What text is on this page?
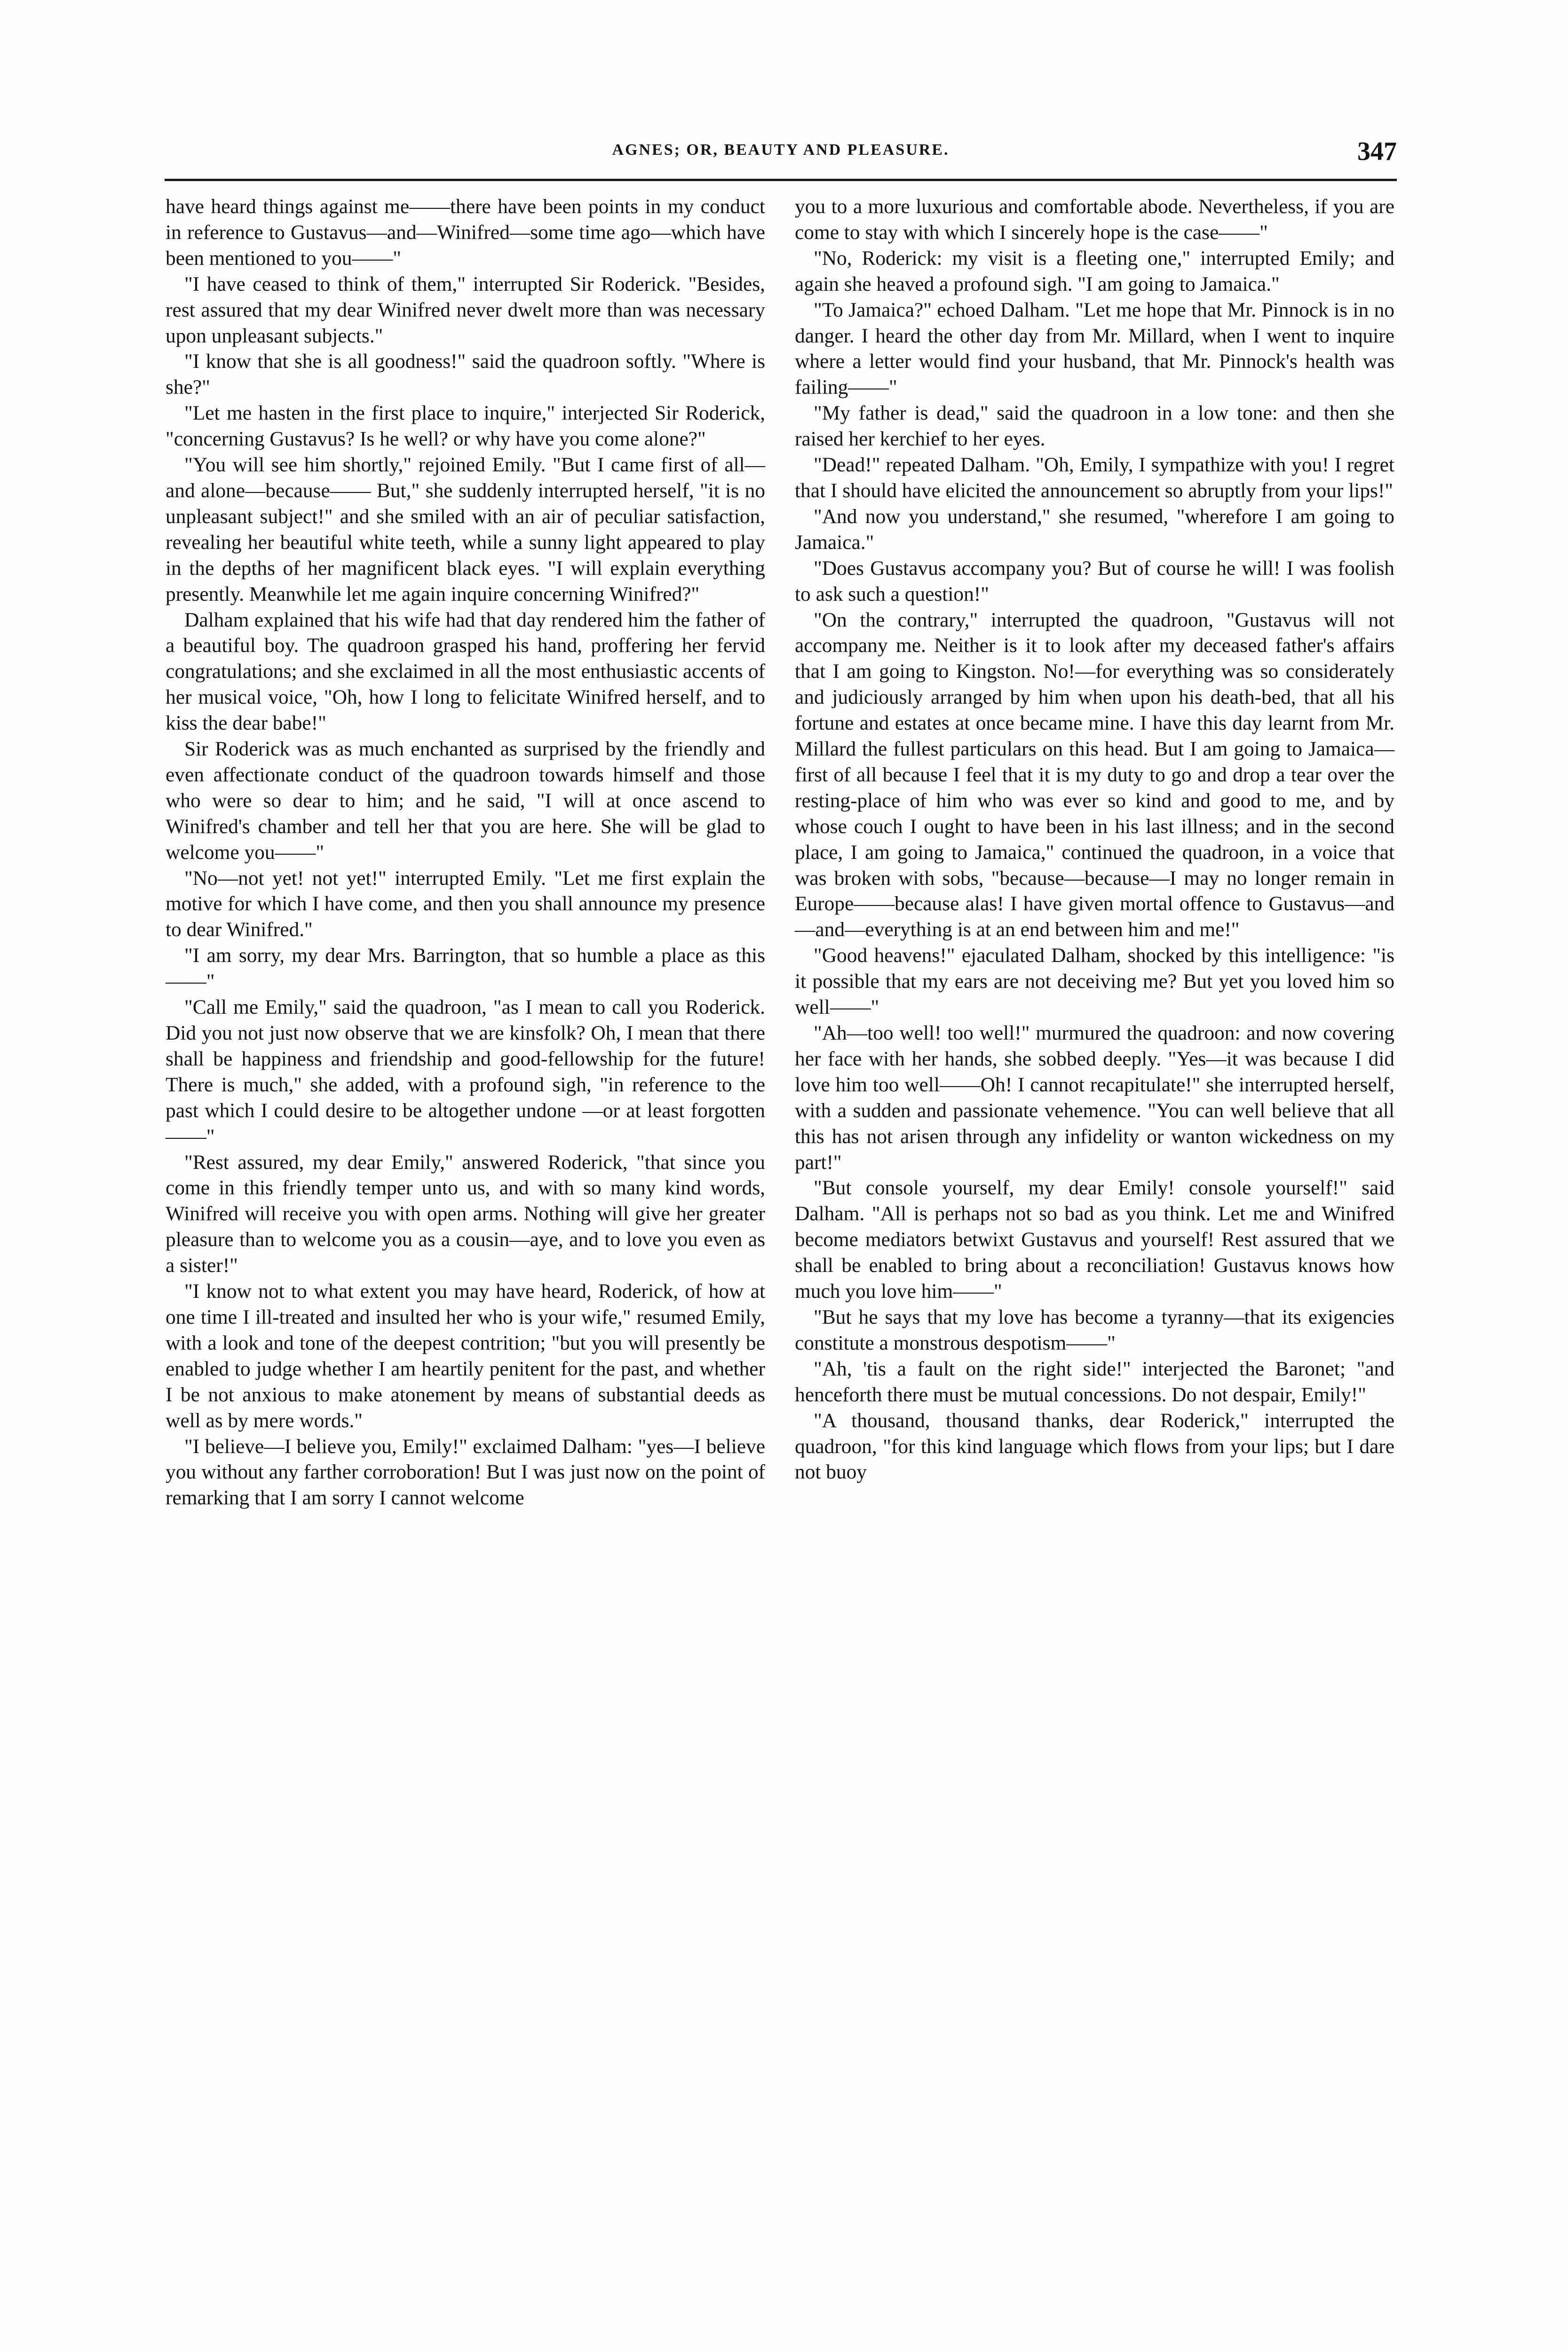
AGNES; OR, BEAUTY AND PLEASURE.	347

have heard things against me——there have been points in my conduct in reference to Gustavus—and—Winifred—some time ago—which have been mentioned to you——"

"I have ceased to think of them," interrupted Sir Roderick. "Besides, rest assured that my dear Winifred never dwelt more than was necessary upon unpleasant subjects."

"I know that she is all goodness!" said the quadroon softly. "Where is she?"

"Let me hasten in the first place to inquire," interjected Sir Roderick, "concerning Gustavus? Is he well? or why have you come alone?"

"You will see him shortly," rejoined Emily. "But I came first of all—and alone—because—— But," she suddenly interrupted herself, "it is no unpleasant subject!" and she smiled with an air of peculiar satisfaction, revealing her beautiful white teeth, while a sunny light appeared to play in the depths of her magnificent black eyes. "I will explain everything presently. Meanwhile let me again inquire concerning Winifred?"

Dalham explained that his wife had that day rendered him the father of a beautiful boy. The quadroon grasped his hand, proffering her fervid congratulations; and she exclaimed in all the most enthusiastic accents of her musical voice, "Oh, how I long to felicitate Winifred herself, and to kiss the dear babe!"

Sir Roderick was as much enchanted as surprised by the friendly and even affectionate conduct of the quadroon towards himself and those who were so dear to him; and he said, "I will at once ascend to Winifred's chamber and tell her that you are here. She will be glad to welcome you——"

"No—not yet! not yet!" interrupted Emily. "Let me first explain the motive for which I have come, and then you shall announce my presence to dear Winifred."

"I am sorry, my dear Mrs. Barrington, that so humble a place as this——"

"Call me Emily," said the quadroon, "as I mean to call you Roderick. Did you not just now observe that we are kinsfolk? Oh, I mean that there shall be happiness and friendship and good-fellowship for the future! There is much," she added, with a profound sigh, "in reference to the past which I could desire to be altogether undone —or at least forgotten——"

"Rest assured, my dear Emily," answered Roderick, "that since you come in this friendly temper unto us, and with so many kind words, Winifred will receive you with open arms. Nothing will give her greater pleasure than to welcome you as a cousin—aye, and to love you even as a sister!"

"I know not to what extent you may have heard, Roderick, of how at one time I ill-treated and insulted her who is your wife," resumed Emily, with a look and tone of the deepest contrition; "but you will presently be enabled to judge whether I am heartily penitent for the past, and whether I be not anxious to make atonement by means of substantial deeds as well as by mere words."

"I believe—I believe you, Emily!" exclaimed Dalham: "yes—I believe you without any farther corroboration! But I was just now on the point of remarking that I am sorry I cannot welcome

you to a more luxurious and comfortable abode. Nevertheless, if you are come to stay with which I sincerely hope is the case——"

"No, Roderick: my visit is a fleeting one," interrupted Emily; and again she heaved a profound sigh. "I am going to Jamaica."

"To Jamaica?" echoed Dalham. "Let me hope that Mr. Pinnock is in no danger. I heard the other day from Mr. Millard, when I went to inquire where a letter would find your husband, that Mr. Pinnock's health was failing——"

"My father is dead," said the quadroon in a low tone: and then she raised her kerchief to her eyes.

"Dead!" repeated Dalham. "Oh, Emily, I sympathize with you! I regret that I should have elicited the announcement so abruptly from your lips!"

"And now you understand," she resumed, "wherefore I am going to Jamaica."

"Does Gustavus accompany you? But of course he will! I was foolish to ask such a question!"

"On the contrary," interrupted the quadroon, "Gustavus will not accompany me. Neither is it to look after my deceased father's affairs that I am going to Kingston. No!—for everything was so considerately and judiciously arranged by him when upon his death-bed, that all his fortune and estates at once became mine. I have this day learnt from Mr. Millard the fullest particulars on this head. But I am going to Jamaica—first of all because I feel that it is my duty to go and drop a tear over the resting-place of him who was ever so kind and good to me, and by whose couch I ought to have been in his last illness; and in the second place, I am going to Jamaica," continued the quadroon, in a voice that was broken with sobs, "because—because—I may no longer remain in Europe——because alas! I have given mortal offence to Gustavus—and—and—everything is at an end between him and me!"

"Good heavens!" ejaculated Dalham, shocked by this intelligence: "is it possible that my ears are not deceiving me? But yet you loved him so well——"

"Ah—too well! too well!" murmured the quadroon: and now covering her face with her hands, she sobbed deeply. "Yes—it was because I did love him too well——Oh! I cannot recapitulate!" she interrupted herself, with a sudden and passionate vehemence. "You can well believe that all this has not arisen through any infidelity or wanton wickedness on my part!"

"But console yourself, my dear Emily! console yourself!" said Dalham. "All is perhaps not so bad as you think. Let me and Winifred become mediators betwixt Gustavus and yourself! Rest assured that we shall be enabled to bring about a reconciliation! Gustavus knows how much you love him——"

"But he says that my love has become a tyranny—that its exigencies constitute a monstrous despotism——"

"Ah, 'tis a fault on the right side!" interjected the Baronet; "and henceforth there must be mutual concessions. Do not despair, Emily!"

"A thousand, thousand thanks, dear Roderick," interrupted the quadroon, "for this kind language which flows from your lips; but I dare not buoy
